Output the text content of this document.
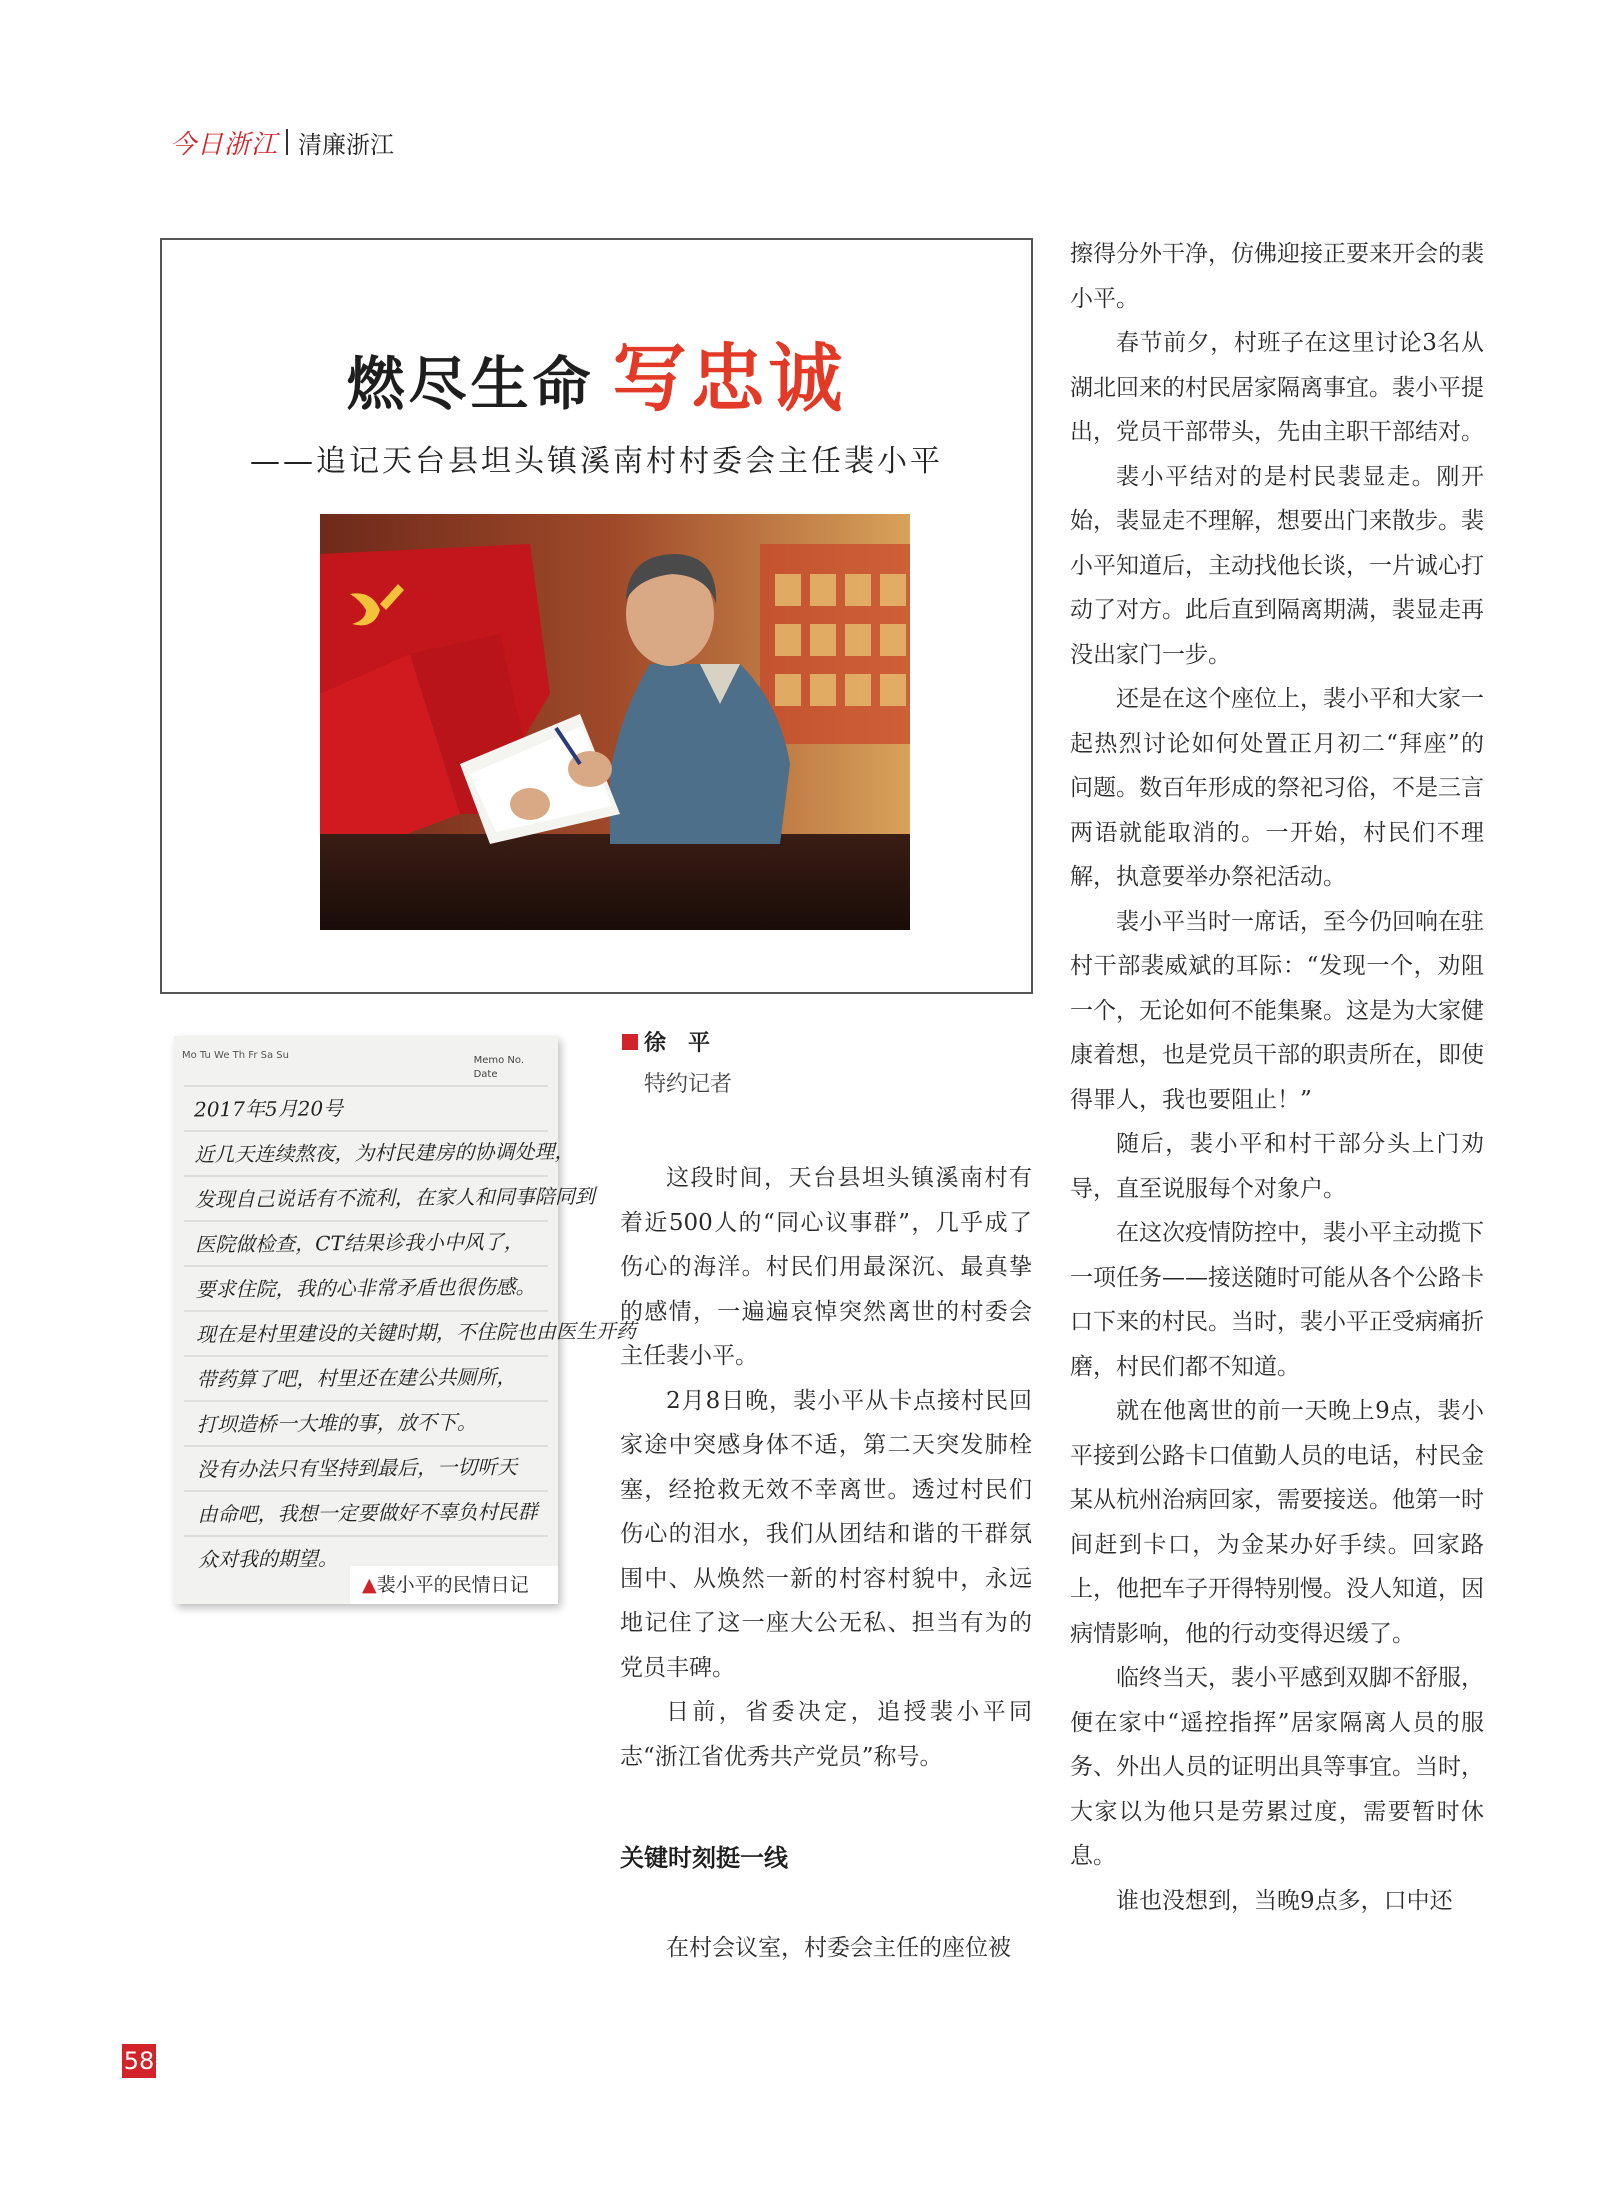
今日浙江 清廉浙江
燃尽生命 写忠诚
——追记天台县坦头镇溪南村村委会主任裴小平
Mo Tu We Th Fr Sa Su	Memo No.
Date
2017年5月20号
近几天连续熬夜，为村民建房的协调处理，
发现自己说话有不流利，在家人和同事陪同到
医院做检查，CT结果诊我小中风了，
要求住院，我的心非常矛盾也很伤感。
现在是村里建设的关键时期，不住院也由医生开药
带药算了吧，村里还在建公共厕所，
打坝造桥一大堆的事，放不下。
没有办法只有坚持到最后，一切听天
由命吧，我想一定要做好不辜负村民群
众对我的期望。
▲裴小平的民情日记
徐　平
特约记者

这段时间，天台县坦头镇溪南村有着近500人的“同心议事群”，几乎成了伤心的海洋。村民们用最深沉、最真挚的感情，一遍遍哀悼突然离世的村委会主任裴小平。

2月8日晚，裴小平从卡点接村民回家途中突感身体不适，第二天突发肺栓塞，经抢救无效不幸离世。透过村民们伤心的泪水，我们从团结和谐的干群氛围中、从焕然一新的村容村貌中，永远地记住了这一座大公无私、担当有为的党员丰碑。

日前，省委决定，追授裴小平同志“浙江省优秀共产党员”称号。

关键时刻挺一线

在村会议室，村委会主任的座位被

擦得分外干净，仿佛迎接正要来开会的裴小平。

春节前夕，村班子在这里讨论3名从湖北回来的村民居家隔离事宜。裴小平提出，党员干部带头，先由主职干部结对。

裴小平结对的是村民裴显走。刚开始，裴显走不理解，想要出门来散步。裴小平知道后，主动找他长谈，一片诚心打动了对方。此后直到隔离期满，裴显走再没出家门一步。

还是在这个座位上，裴小平和大家一起热烈讨论如何处置正月初二“拜座”的问题。数百年形成的祭祀习俗，不是三言两语就能取消的。一开始，村民们不理解，执意要举办祭祀活动。

裴小平当时一席话，至今仍回响在驻村干部裴威斌的耳际：“发现一个，劝阻一个，无论如何不能集聚。这是为大家健康着想，也是党员干部的职责所在，即使得罪人，我也要阻止！”

随后，裴小平和村干部分头上门劝导，直至说服每个对象户。

在这次疫情防控中，裴小平主动揽下一项任务——接送随时可能从各个公路卡口下来的村民。当时，裴小平正受病痛折磨，村民们都不知道。

就在他离世的前一天晚上9点，裴小平接到公路卡口值勤人员的电话，村民金某从杭州治病回家，需要接送。他第一时间赶到卡口，为金某办好手续。回家路上，他把车子开得特别慢。没人知道，因病情影响，他的行动变得迟缓了。

临终当天，裴小平感到双脚不舒服，便在家中“遥控指挥”居家隔离人员的服务、外出人员的证明出具等事宜。当时，大家以为他只是劳累过度，需要暂时休息。

谁也没想到，当晚9点多，口中还

58
